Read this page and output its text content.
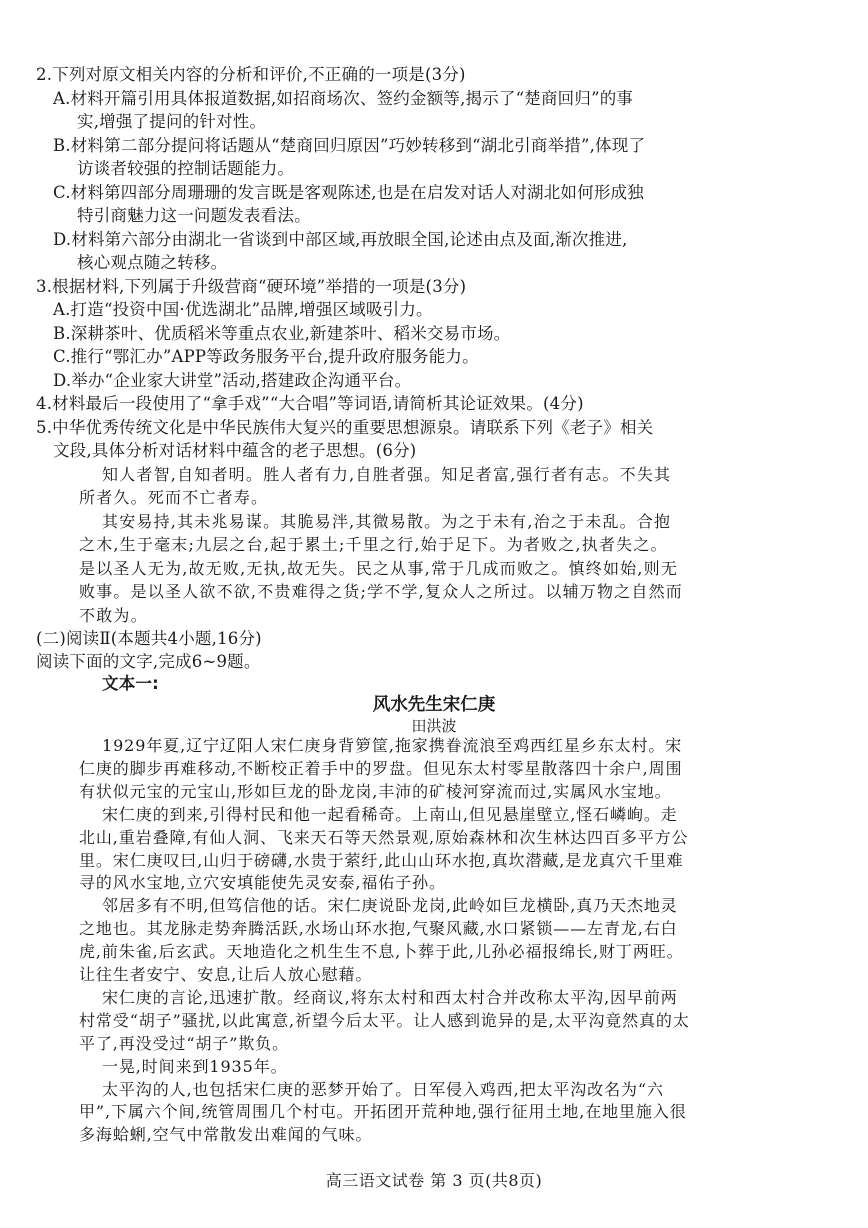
2.下列对原文相关内容的分析和评价,不正确的一项是(3分)
A.材料开篇引用具体报道数据,如招商场次、签约金额等,揭示了“楚商回归”的事
实,增强了提问的针对性。
B.材料第二部分提问将话题从“楚商回归原因”巧妙转移到“湖北引商举措”,体现了
访谈者较强的控制话题能力。
C.材料第四部分周珊珊的发言既是客观陈述,也是在启发对话人对湖北如何形成独
特引商魅力这一问题发表看法。
D.材料第六部分由湖北一省谈到中部区域,再放眼全国,论述由点及面,渐次推进,
核心观点随之转移。
3.根据材料,下列属于升级营商“硬环境”举措的一项是(3分)
A.打造“投资中国·优选湖北”品牌,增强区域吸引力。
B.深耕茶叶、优质稻米等重点农业,新建茶叶、稻米交易市场。
C.推行“鄂汇办”APP等政务服务平台,提升政府服务能力。
D.举办“企业家大讲堂”活动,搭建政企沟通平台。
4.材料最后一段使用了“拿手戏”“大合唱”等词语,请简析其论证效果。(4分)
5.中华优秀传统文化是中华民族伟大复兴的重要思想源泉。请联系下列《老子》相关
文段,具体分析对话材料中蕴含的老子思想。(6分)
知人者智,自知者明。胜人者有力,自胜者强。知足者富,强行者有志。不失其
所者久。死而不亡者寿。
其安易持,其未兆易谋。其脆易泮,其微易散。为之于未有,治之于未乱。合抱
之木,生于毫末;九层之台,起于累土;千里之行,始于足下。为者败之,执者失之。
是以圣人无为,故无败,无执,故无失。民之从事,常于几成而败之。慎终如始,则无
败事。是以圣人欲不欲,不贵难得之货;学不学,复众人之所过。以辅万物之自然而
不敢为。
(二)阅读Ⅱ(本题共4小题,16分)
阅读下面的文字,完成6~9题。
文本一:
风水先生宋仁庚
田洪波
1929年夏,辽宁辽阳人宋仁庚身背箩筐,拖家携眷流浪至鸡西红星乡东太村。宋
仁庚的脚步再难移动,不断校正着手中的罗盘。但见东太村零星散落四十余户,周围
有状似元宝的元宝山,形如巨龙的卧龙岗,丰沛的矿棱河穿流而过,实属风水宝地。
宋仁庚的到来,引得村民和他一起看稀奇。上南山,但见悬崖壁立,怪石嶙峋。走
北山,重岩叠障,有仙人洞、飞来天石等天然景观,原始森林和次生林达四百多平方公
里。宋仁庚叹曰,山归于磅礴,水贵于萦纡,此山山环水抱,真坎潜藏,是龙真穴千里难
寻的风水宝地,立穴安填能使先灵安泰,福佑子孙。
邻居多有不明,但笃信他的话。宋仁庚说卧龙岗,此岭如巨龙横卧,真乃天杰地灵
之地也。其龙脉走势奔腾活跃,水场山环水抱,气聚风藏,水口紧锁——左青龙,右白
虎,前朱雀,后玄武。天地造化之机生生不息,卜葬于此,儿孙必福报绵长,财丁两旺。
让往生者安宁、安息,让后人放心慰藉。
宋仁庚的言论,迅速扩散。经商议,将东太村和西太村合并改称太平沟,因早前两
村常受“胡子”骚扰,以此寓意,祈望今后太平。让人感到诡异的是,太平沟竟然真的太
平了,再没受过“胡子”欺负。
一晃,时间来到1935年。
太平沟的人,也包括宋仁庚的恶梦开始了。日军侵入鸡西,把太平沟改名为“六
甲”,下属六个间,统管周围几个村屯。开拓团开荒种地,强行征用土地,在地里施入很
多海蛤蜊,空气中常散发出难闻的气味。
高三语文试卷 第 3 页(共8页)
